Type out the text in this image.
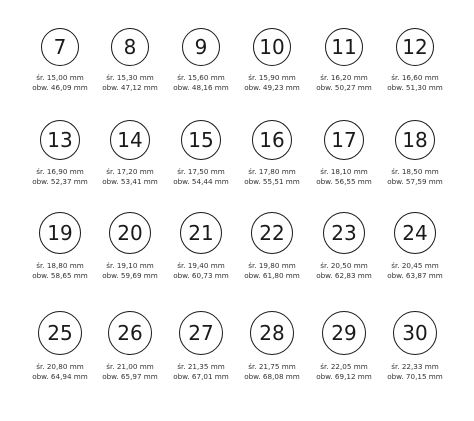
7
śr. 15,00 mm
obw. 46,09 mm
8
śr. 15,30 mm
obw. 47,12 mm
9
śr. 15,60 mm
obw. 48,16 mm
10
śr. 15,90 mm
obw. 49,23 mm
11
śr. 16,20 mm
obw. 50,27 mm
12
śr. 16,60 mm
obw. 51,30 mm
13
śr. 16,90 mm
obw. 52,37 mm
14
śr. 17,20 mm
obw. 53,41 mm
15
śr. 17,50 mm
obw. 54,44 mm
16
śr. 17,80 mm
obw. 55,51 mm
17
śr. 18,10 mm
obw. 56,55 mm
18
śr. 18,50 mm
obw. 57,59 mm
19
śr. 18,80 mm
obw. 58,65 mm
20
śr. 19,10 mm
obw. 59,69 mm
21
śr. 19,40 mm
obw. 60,73 mm
22
śr. 19,80 mm
obw. 61,80 mm
23
śr. 20,50 mm
obw. 62,83 mm
24
śr. 20,45 mm
obw. 63,87 mm
25
śr. 20,80 mm
obw. 64,94 mm
26
śr. 21,00 mm
obw. 65,97 mm
27
śr. 21,35 mm
obw. 67,01 mm
28
śr. 21,75 mm
obw. 68,08 mm
29
śr. 22,05 mm
obw. 69,12 mm
30
śr. 22,33 mm
obw. 70,15 mm
